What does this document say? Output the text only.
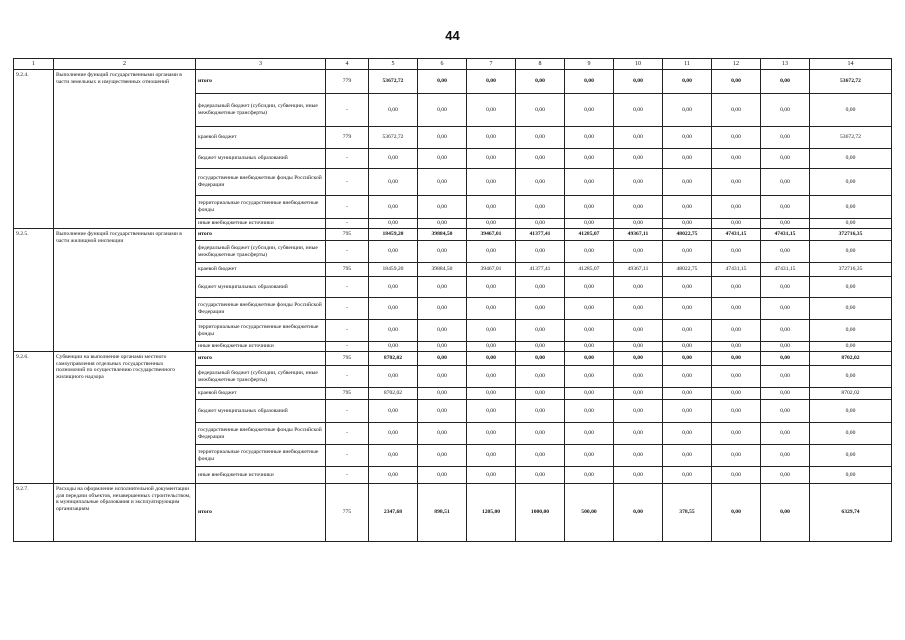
44
1	2	3	4	5	6	7	8	9	10	11	12	13	14
9.2.4.	Выполнение функций государственными органами в части земельных и имущественных отношений	итого	779	53672,72	0,00	0,00	0,00	0,00	0,00	0,00	0,00	0,00	53672,72
		федеральный бюджет (субсидии, субвенции, иные межбюджетные трансферты)	-	0,00	0,00	0,00	0,00	0,00	0,00	0,00	0,00	0,00	0,00
		краевой бюджет	779	53672,72	0,00	0,00	0,00	0,00	0,00	0,00	0,00	0,00	53672,72
		бюджет муниципальных образований	-	0,00	0,00	0,00	0,00	0,00	0,00	0,00	0,00	0,00	0,00
		государственные внебюджетные фонды Российской Федерации	-	0,00	0,00	0,00	0,00	0,00	0,00	0,00	0,00	0,00	0,00
		территориальные государственные внебюджетные фонды	-	0,00	0,00	0,00	0,00	0,00	0,00	0,00	0,00	0,00	0,00
		иные внебюджетные источники	-	0,00	0,00	0,00	0,00	0,00	0,00	0,00	0,00	0,00	0,00
9.2.5.	Выполнение функций государственными органами в части жилищной инспекции	итого	795	18459,20	39884,50	39467,01	41377,41	41285,07	49367,11	48022,75	47431,15	47431,15	372716,35
		федеральный бюджет (субсидии, субвенции, иные межбюджетные трансферты)	-	0,00	0,00	0,00	0,00	0,00	0,00	0,00	0,00	0,00	0,00
		краевой бюджет	795	18459,20	39884,50	39467,01	41377,41	41285,07	49367,11	48022,75	47431,15	47431,15	372716,35
		бюджет муниципальных образований	-	0,00	0,00	0,00	0,00	0,00	0,00	0,00	0,00	0,00	0,00
		государственные внебюджетные фонды Российской Федерации	-	0,00	0,00	0,00	0,00	0,00	0,00	0,00	0,00	0,00	0,00
		территориальные государственные внебюджетные фонды	-	0,00	0,00	0,00	0,00	0,00	0,00	0,00	0,00	0,00	0,00
		иные внебюджетные источники	-	0,00	0,00	0,00	0,00	0,00	0,00	0,00	0,00	0,00	0,00
9.2.6.	Субвенции на выполнение органами местного самоуправления отдельных государственных полномочий по осуществлению государственного жилищного надзора	итого	795	8702,02	0,00	0,00	0,00	0,00	0,00	0,00	0,00	0,00	8702,02
		федеральный бюджет (субсидии, субвенции, иные межбюджетные трансферты)	-	0,00	0,00	0,00	0,00	0,00	0,00	0,00	0,00	0,00	0,00
		краевой бюджет	795	8702,02	0,00	0,00	0,00	0,00	0,00	0,00	0,00	0,00	8702,02
		бюджет муниципальных образований	-	0,00	0,00	0,00	0,00	0,00	0,00	0,00	0,00	0,00	0,00
		государственные внебюджетные фонды Российской Федерации	-	0,00	0,00	0,00	0,00	0,00	0,00	0,00	0,00	0,00	0,00
		территориальные государственные внебюджетные фонды	-	0,00	0,00	0,00	0,00	0,00	0,00	0,00	0,00	0,00	0,00
		иные внебюджетные источники	-	0,00	0,00	0,00	0,00	0,00	0,00	0,00	0,00	0,00	0,00
9.2.7.	Расходы на оформление исполнительной документации для передачи объектов, незавершенных строительством, в муниципальные образования и эксплуатирующим организациям	итого	775	2347,68	898,51	1205,00	1000,00	500,00	0,00	378,55	0,00	0,00	6329,74
